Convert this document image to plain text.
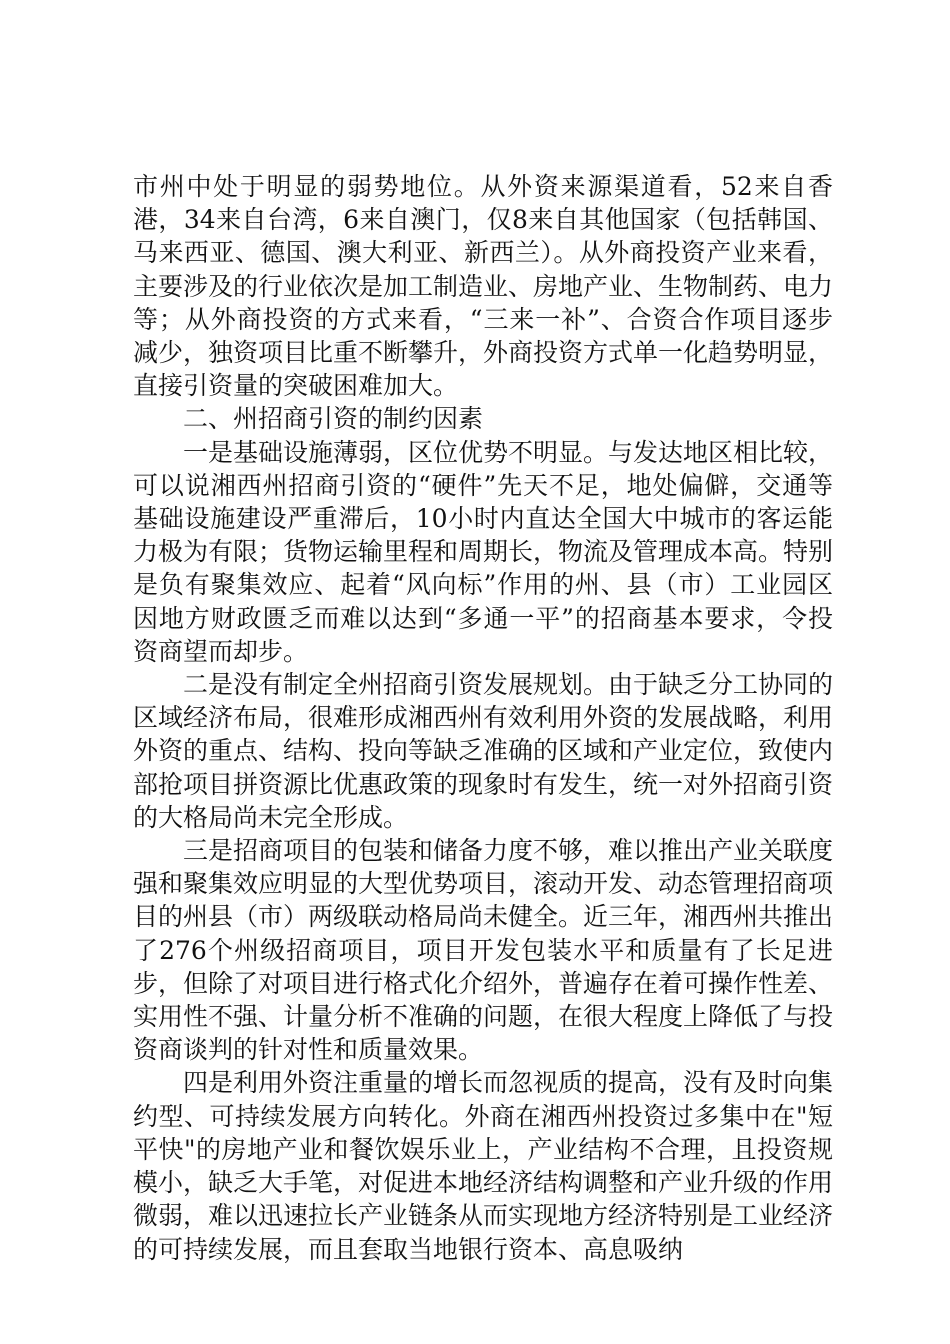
市州中处于明显的弱势地位。从外资来源渠道看，52来自香港，34来自台湾，6来自澳门，仅8来自其他国家（包括韩国、马来西亚、德国、澳大利亚、新西兰）。从外商投资产业来看，主要涉及的行业依次是加工制造业、房地产业、生物制药、电力等；从外商投资的方式来看，“三来一补”、合资合作项目逐步减少，独资项目比重不断攀升，外商投资方式单一化趋势明显，直接引资量的突破困难加大。

二、州招商引资的制约因素

一是基础设施薄弱，区位优势不明显。与发达地区相比较，可以说湘西州招商引资的“硬件”先天不足，地处偏僻，交通等基础设施建设严重滞后，10小时内直达全国大中城市的客运能力极为有限；货物运输里程和周期长，物流及管理成本高。特别是负有聚集效应、起着“风向标”作用的州、县（市）工业园区因地方财政匮乏而难以达到“多通一平”的招商基本要求，令投资商望而却步。

二是没有制定全州招商引资发展规划。由于缺乏分工协同的区域经济布局，很难形成湘西州有效利用外资的发展战略，利用外资的重点、结构、投向等缺乏准确的区域和产业定位，致使内部抢项目拼资源比优惠政策的现象时有发生，统一对外招商引资的大格局尚未完全形成。

三是招商项目的包装和储备力度不够，难以推出产业关联度强和聚集效应明显的大型优势项目，滚动开发、动态管理招商项目的州县（市）两级联动格局尚未健全。近三年，湘西州共推出了276个州级招商项目，项目开发包装水平和质量有了长足进步，但除了对项目进行格式化介绍外，普遍存在着可操作性差、实用性不强、计量分析不准确的问题，在很大程度上降低了与投资商谈判的针对性和质量效果。

四是利用外资注重量的增长而忽视质的提高，没有及时向集约型、可持续发展方向转化。外商在湘西州投资过多集中在"短平快"的房地产业和餐饮娱乐业上，产业结构不合理，且投资规模小，缺乏大手笔，对促进本地经济结构调整和产业升级的作用微弱，难以迅速拉长产业链条从而实现地方经济特别是工业经济的可持续发展，而且套取当地银行资本、高息吸纳
